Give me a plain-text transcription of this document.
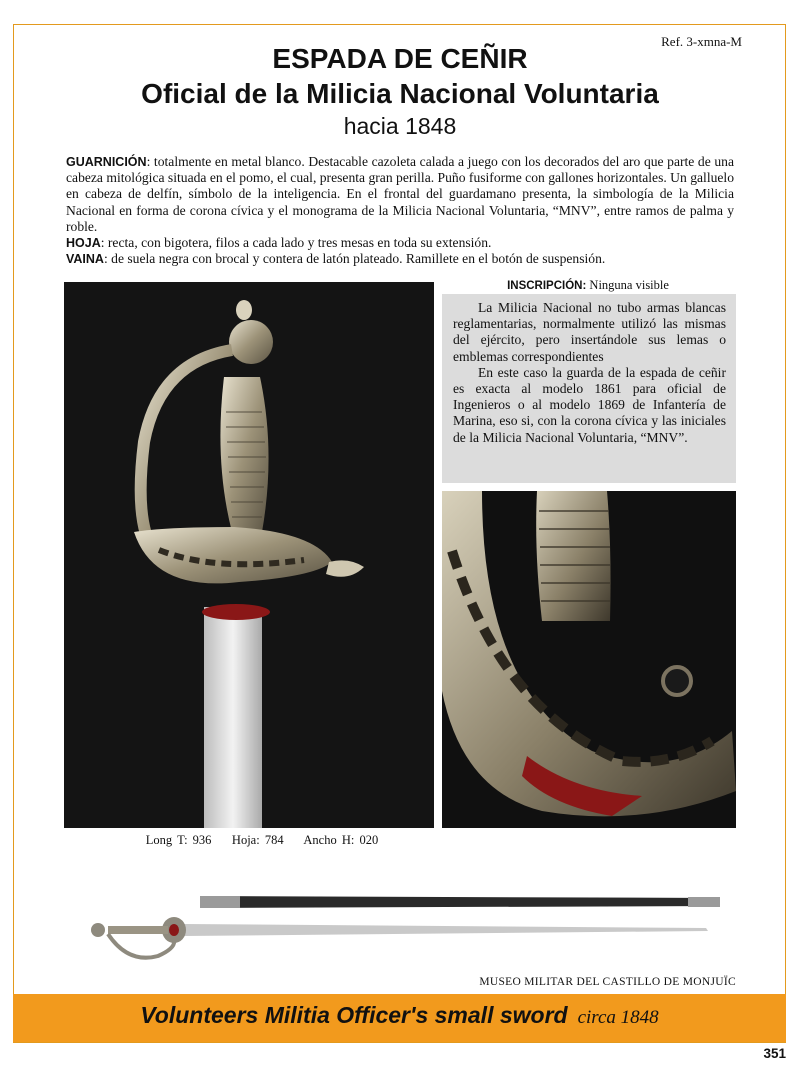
Ref. 3-xmna-M
ESPADA DE CEÑIR
Oficial de la Milicia Nacional Voluntaria
hacia 1848

GUARNICIÓN: totalmente en metal blanco. Destacable cazoleta calada a juego con los decorados del aro que parte de una cabeza mitológica situada en el pomo, el cual, presenta gran perilla. Puño fusiforme con gallones horizontales. Un galluelo en cabeza de delfín, símbolo de la inteligencia. En el frontal del guardamano presenta, la simbología de la Milicia Nacional en forma de corona cívica y el monograma de la Milicia Nacional Voluntaria, “MNV”, entre ramos de palma y roble.

HOJA: recta, con bigotera, filos a cada lado y tres mesas en toda su extensión.

VAINA: de suela negra con brocal y contera de latón plateado. Ramillete en el botón de suspensión.

INSCRIPCIÓN: Ninguna visible

La Milicia Nacional no tubo armas blancas reglamentarias, normalmente utilizó las mismas del ejército, pero insertándole sus lemas o emblemas correspondientes

En este caso la guarda de la espada de ceñir es exacta al modelo 1861 para oficial de Ingenieros o al modelo 1869 de Infantería de Marina, eso si, con la corona cívica y las iniciales de la Milicia Nacional Voluntaria, “MNV”.

Long T: 936    Hoja: 784    Ancho H: 020
MUSEO MILITAR DEL CASTILLO DE MONJUÏC
Volunteers Militia Officer's small sword circa 1848
351
